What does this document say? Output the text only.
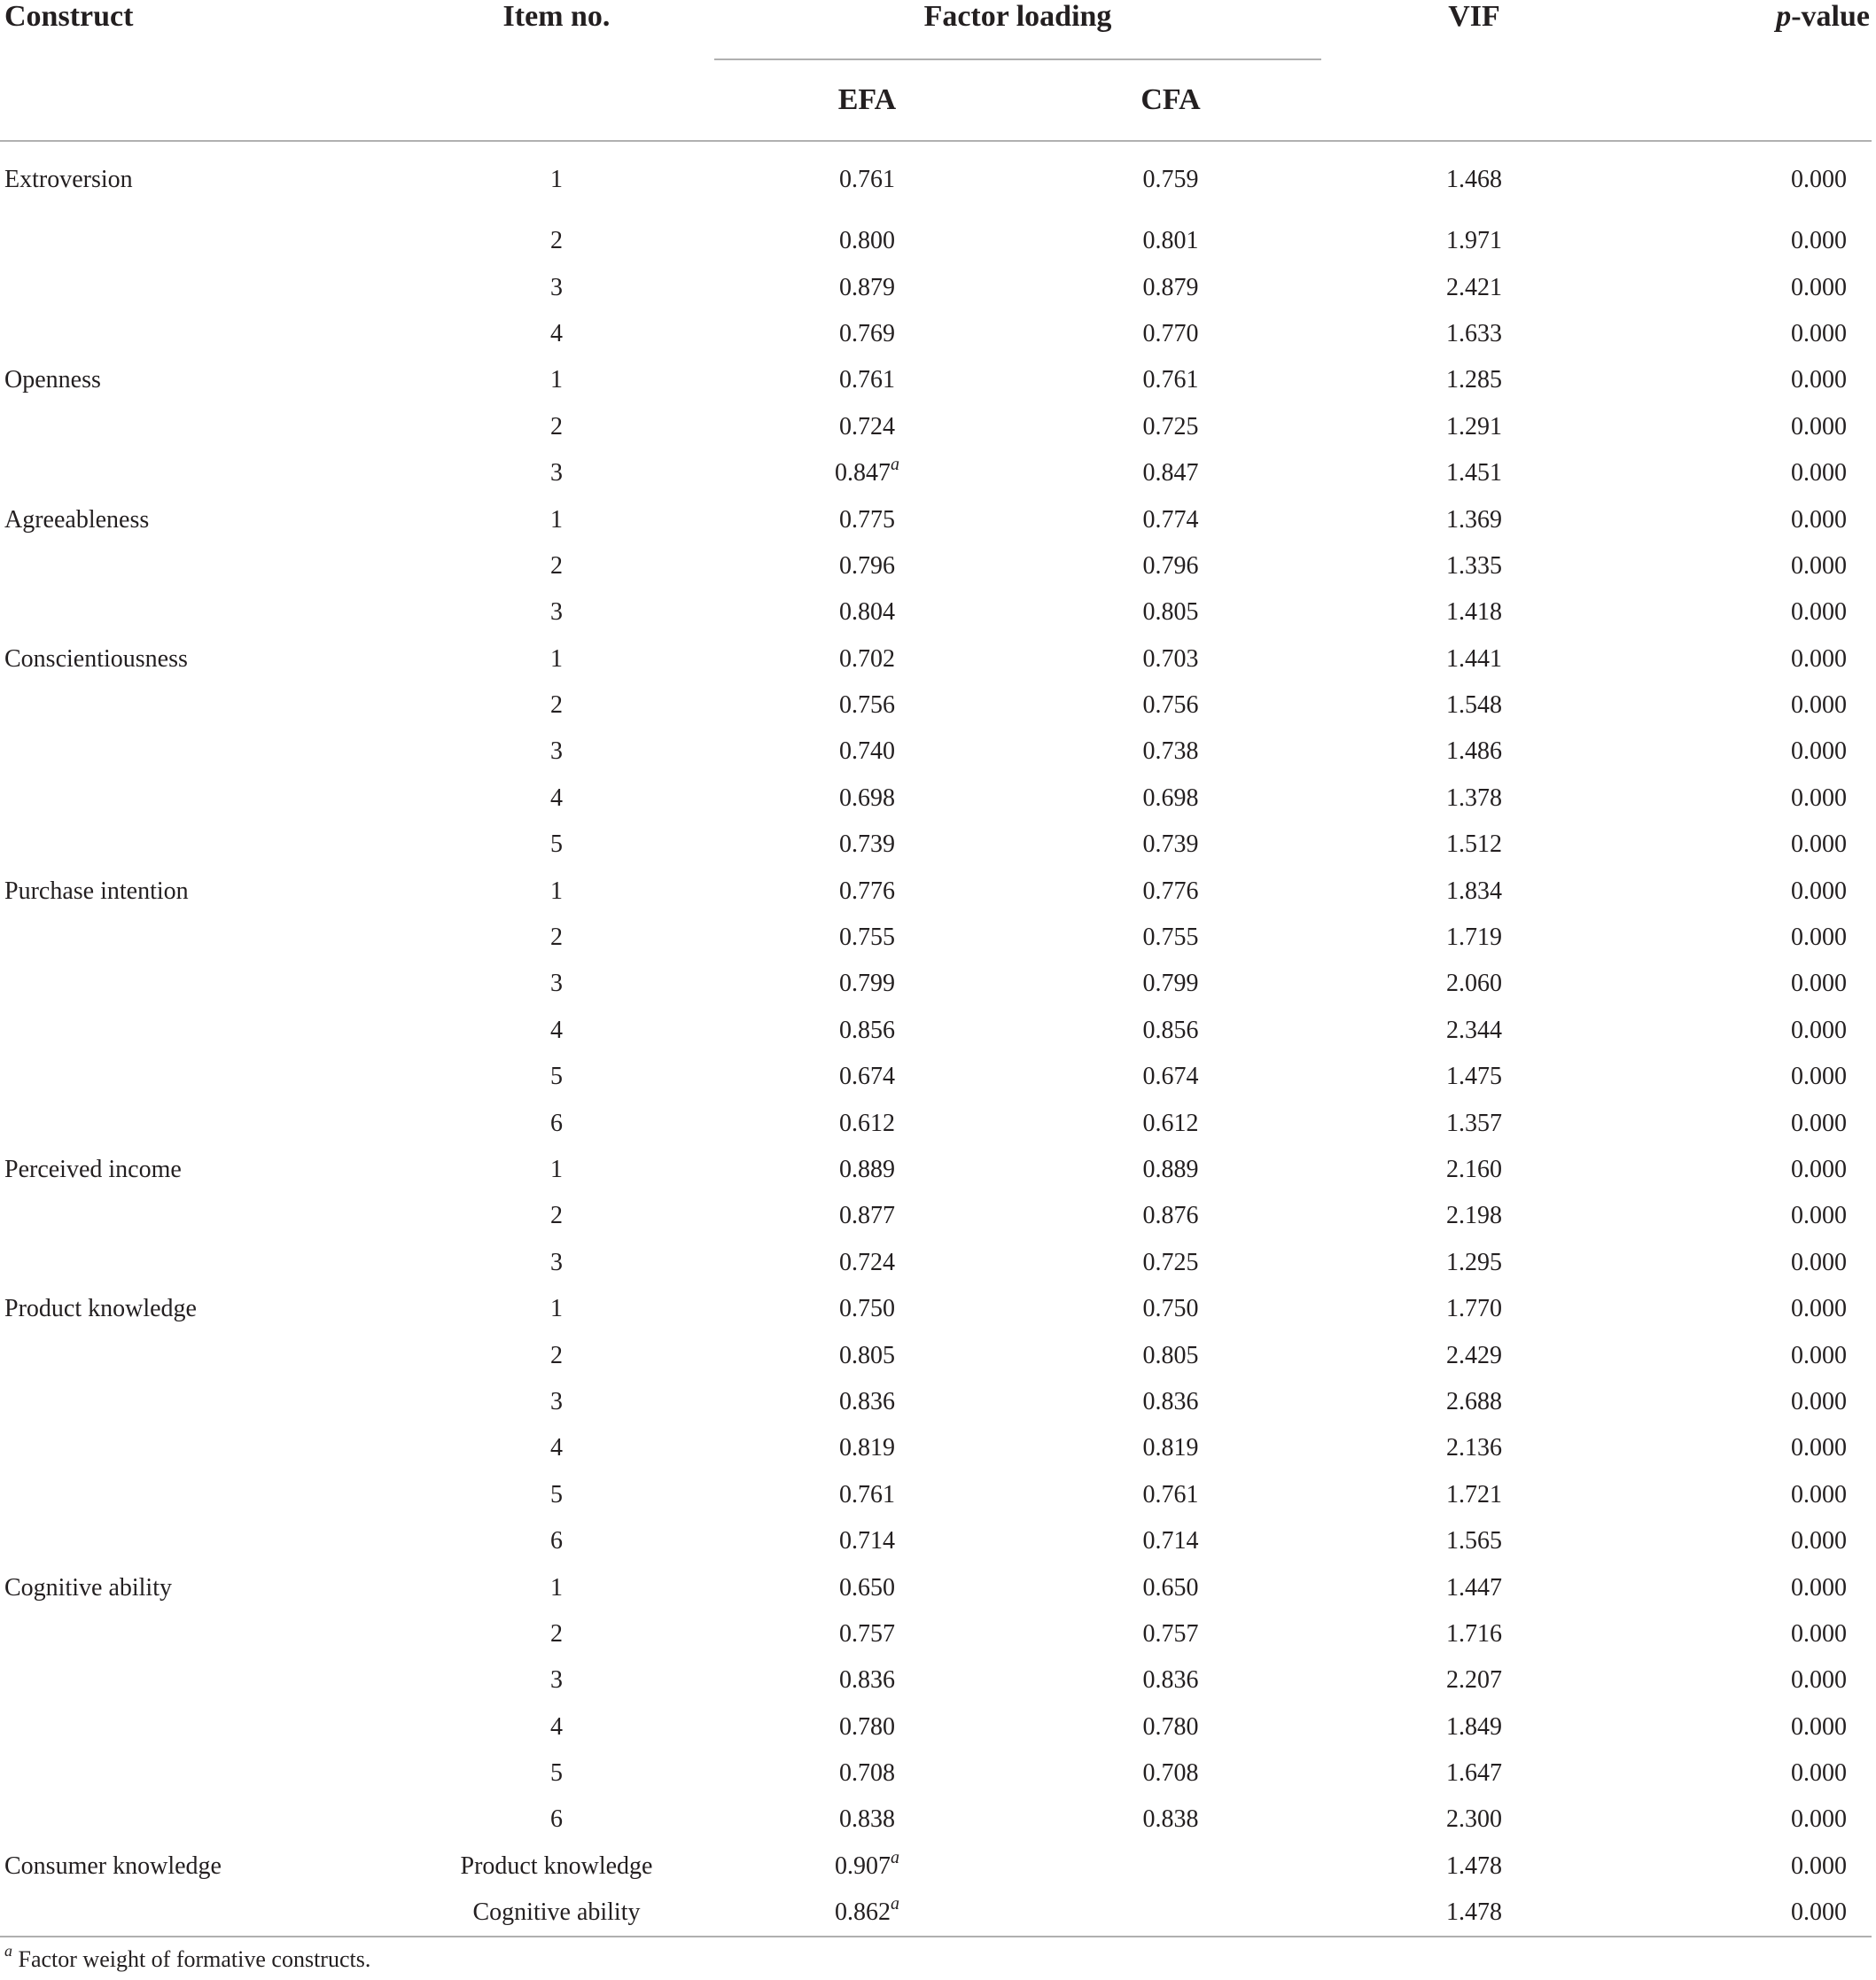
Construct	Item no.	Factor loading		VIF	p-value
		EFA	CFA		
Extroversion	1	0.761	0.759	1.468	0.000
	2	0.800	0.801	1.971	0.000
	3	0.879	0.879	2.421	0.000
	4	0.769	0.770	1.633	0.000
Openness	1	0.761	0.761	1.285	0.000
	2	0.724	0.725	1.291	0.000
	3	0.847$^a$	0.847	1.451	0.000
Agreeableness	1	0.775	0.774	1.369	0.000
	2	0.796	0.796	1.335	0.000
	3	0.804	0.805	1.418	0.000
Conscientiousness	1	0.702	0.703	1.441	0.000
	2	0.756	0.756	1.548	0.000
	3	0.740	0.738	1.486	0.000
	4	0.698	0.698	1.378	0.000
	5	0.739	0.739	1.512	0.000
Purchase intention	1	0.776	0.776	1.834	0.000
	2	0.755	0.755	1.719	0.000
	3	0.799	0.799	2.060	0.000
	4	0.856	0.856	2.344	0.000
	5	0.674	0.674	1.475	0.000
	6	0.612	0.612	1.357	0.000
Perceived income	1	0.889	0.889	2.160	0.000
	2	0.877	0.876	2.198	0.000
	3	0.724	0.725	1.295	0.000
Product knowledge	1	0.750	0.750	1.770	0.000
	2	0.805	0.805	2.429	0.000
	3	0.836	0.836	2.688	0.000
	4	0.819	0.819	2.136	0.000
	5	0.761	0.761	1.721	0.000
	6	0.714	0.714	1.565	0.000
Cognitive ability	1	0.650	0.650	1.447	0.000
	2	0.757	0.757	1.716	0.000
	3	0.836	0.836	2.207	0.000
	4	0.780	0.780	1.849	0.000
	5	0.708	0.708	1.647	0.000
	6	0.838	0.838	2.300	0.000
Consumer knowledge	Product knowledge	0.907$^a$		1.478	0.000
	Cognitive ability	0.862$^a$		1.478	0.000
$^a$ Factor weight of formative constructs.
